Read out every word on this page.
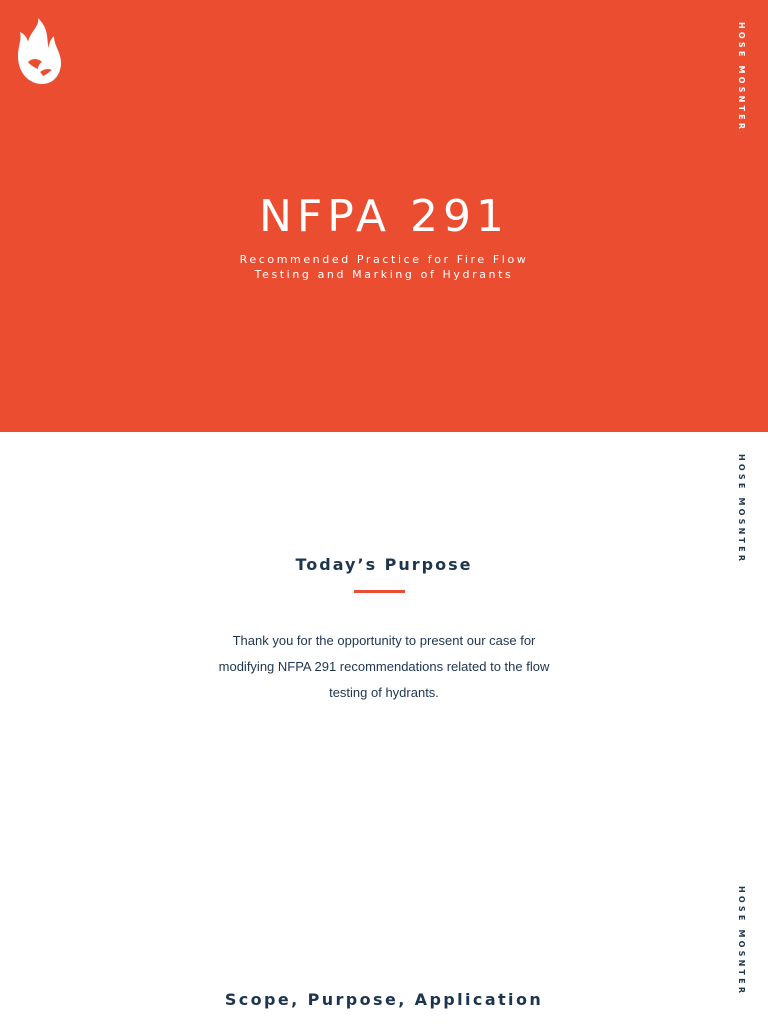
HOSE MOSNTER
NFPA 291

Recommended Practice for Fire Flow Testing and Marking of Hydrants

HOSE MOSNTER
Today’s Purpose

Thank you for the opportunity to present our case for modifying NFPA 291 recommendations related to the flow testing of hydrants.

HOSE MOSNTER
Scope, Purpose, Application
